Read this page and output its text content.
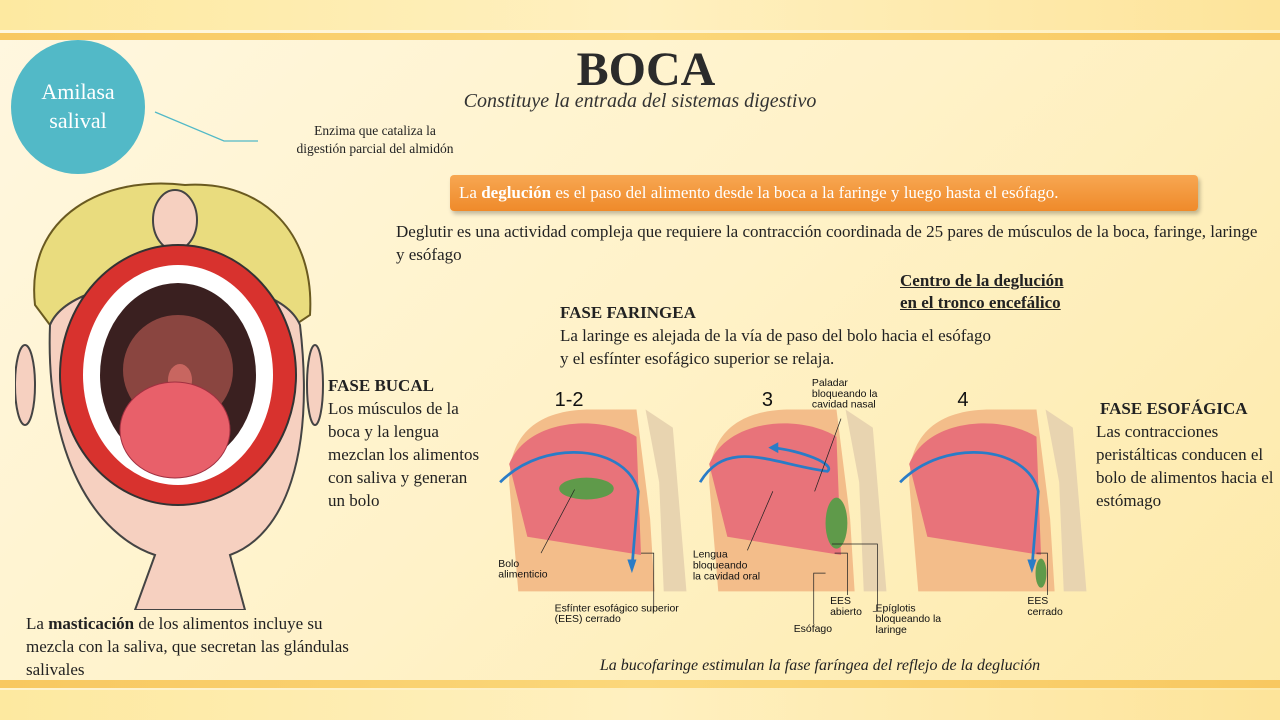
BOCA
Constituye la entrada del sistemas digestivo
Amilasa
salival	Enzima que cataliza la
digestión parcial del almidón
La deglución es el paso del alimento desde la boca a la faringe y luego hasta el esófago.
Deglutir es una actividad compleja que requiere la contracción coordinada de 25 pares de músculos de la boca, faringe, laringe y esófago
Centro de la deglución
en el tronco encefálico
FASE FARINGEA
La laringe es alejada de la vía de paso del bolo hacia el esófago y el esfínter esofágico superior se relaja.
FASE BUCAL
Los músculos de la boca y la lengua mezclan los alimentos con saliva y generan un bolo
FASE ESOFÁGICA
Las contracciones peristálticas conducen el bolo de alimentos hacia el estómago
La masticación de los alimentos incluye su mezcla con la saliva, que secretan las glándulas salivales
1-2	3	4
Bolo
alimenticio
Esfínter esofágico superior
(EES) cerrado
Paladar
bloqueando la
cavidad nasal
Lengua
bloqueando
la cavidad oral
EES
abierto
Esófago
Epíglotis
bloqueando la
laringe
EES
cerrado
La bucofaringe estimulan la fase faríngea del reflejo de la deglución
